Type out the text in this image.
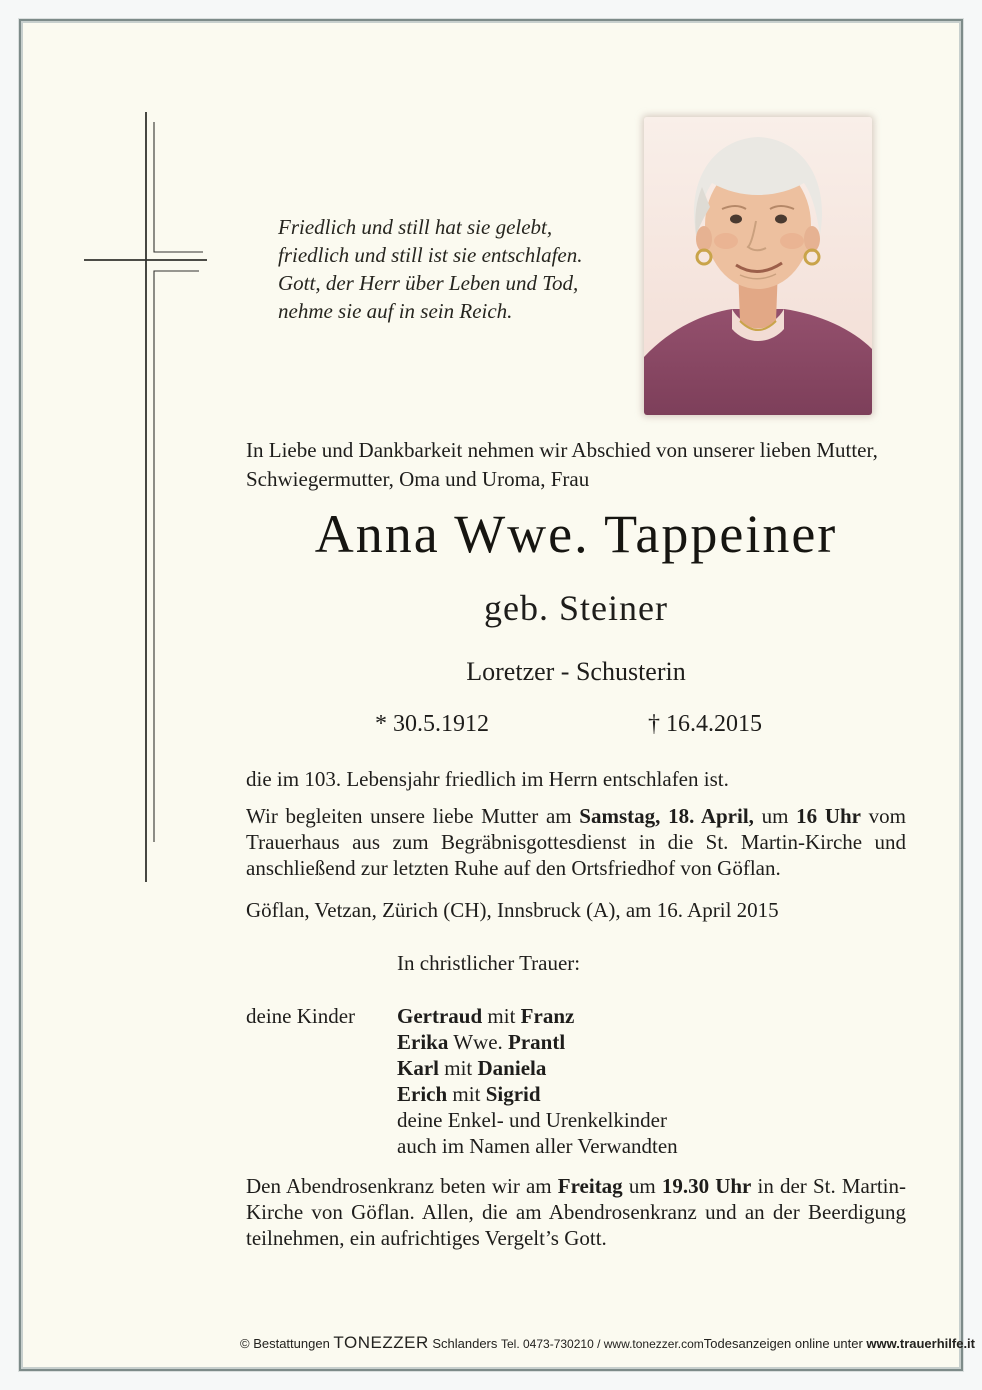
Friedlich und still hat sie gelebt,
friedlich und still ist sie entschlafen.
Gott, der Herr über Leben und Tod,
nehme sie auf in sein Reich.
In Liebe und Dankbarkeit nehmen wir Abschied von unserer lieben Mutter, Schwiegermutter, Oma und Uroma, Frau
Anna Wwe. Tappeiner
geb. Steiner
Loretzer - Schusterin
* 30.5.1912	† 16.4.2015
die im 103. Lebensjahr friedlich im Herrn entschlafen ist.
Wir begleiten unsere liebe Mutter am Samstag, 18. April, um 16 Uhr vom Trauerhaus aus zum Begräbnisgottesdienst in die St. Martin-Kirche und anschließend zur letzten Ruhe auf den Ortsfriedhof von Göflan.
Göflan, Vetzan, Zürich (CH), Innsbruck (A), am 16. April 2015
In christlicher Trauer:
deine Kinder Gertraud mit Franz
Erika Wwe. Prantl
Karl mit Daniela
Erich mit Sigrid
deine Enkel- und Urenkelkinder
auch im Namen aller Verwandten
Den Abendrosenkranz beten wir am Freitag um 19.30 Uhr in der St. Martin-Kirche von Göflan. Allen, die am Abendrosenkranz und an der Beerdigung teilnehmen, ein aufrichtiges Vergelt’s Gott.
© Bestattungen TONEZZER Schlanders Tel. 0473-730210 / www.tonezzer.com Todesanzeigen online unter www.trauerhilfe.it
